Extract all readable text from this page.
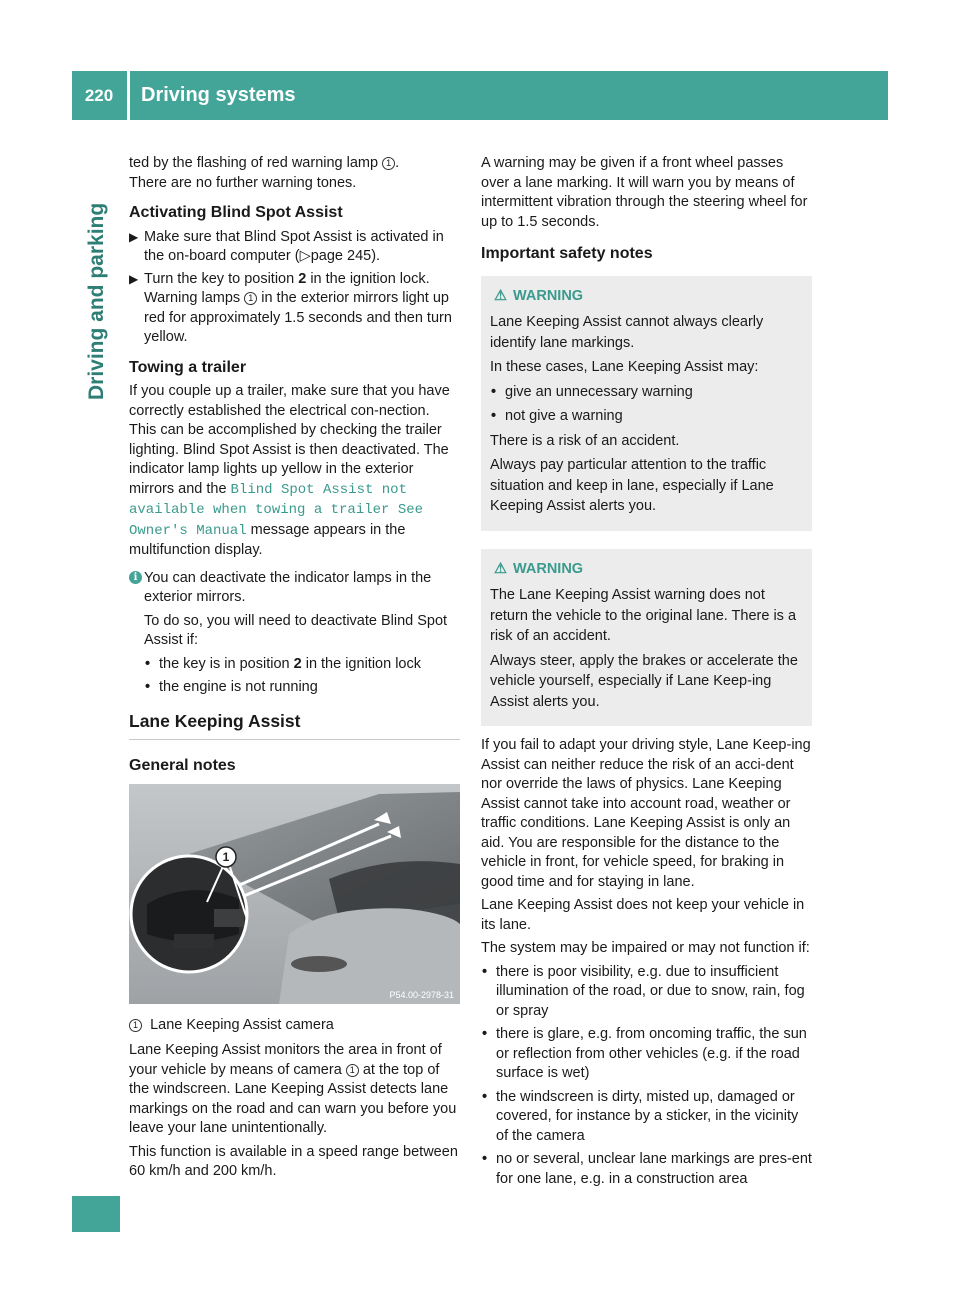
220	Driving systems
Driving and parking

ted by the flashing of red warning lamp 1 .
There are no further warning tones.

Activating Blind Spot Assist
▶ Make sure that Blind Spot Assist is activated in the on-board computer (▷page 245).
▶ Turn the key to position 2 in the ignition lock. Warning lamps 1 in the exterior mirrors light up red for approximately 1.5 seconds and then turn yellow.
Towing a trailer

If you couple up a trailer, make sure that you have correctly established the electrical con-nection. This can be accomplished by checking the trailer lighting. Blind Spot Assist is then deactivated. The indicator lamp lights up yellow in the exterior mirrors and the Blind Spot Assist not available when towing a trailer See Owner's Manual message appears in the multifunction display.

i You can deactivate the indicator lamps in the exterior mirrors.

To do so, you will need to deactivate Blind Spot Assist if:

• the key is in position 2 in the ignition lock
• the engine is not running
Lane Keeping Assist
General notes
1
P54.00-2978-31

1 Lane Keeping Assist camera

Lane Keeping Assist monitors the area in front of your vehicle by means of camera 1 at the top of the windscreen. Lane Keeping Assist detects lane markings on the road and can warn you before you leave your lane unintentionally.

This function is available in a speed range between 60 km/h and 200 km/h.

A warning may be given if a front wheel passes over a lane marking. It will warn you by means of intermittent vibration through the steering wheel for up to 1.5 seconds.

Important safety notes
⚠ WARNING

Lane Keeping Assist cannot always clearly identify lane markings.

In these cases, Lane Keeping Assist may:

• give an unnecessary warning
• not give a warning

There is a risk of an accident.

Always pay particular attention to the traffic situation and keep in lane, especially if Lane Keeping Assist alerts you.

⚠ WARNING

The Lane Keeping Assist warning does not return the vehicle to the original lane. There is a risk of an accident.

Always steer, apply the brakes or accelerate the vehicle yourself, especially if Lane Keep-ing Assist alerts you.

If you fail to adapt your driving style, Lane Keep-ing Assist can neither reduce the risk of an acci-dent nor override the laws of physics. Lane Keeping Assist cannot take into account road, weather or traffic conditions. Lane Keeping Assist is only an aid. You are responsible for the distance to the vehicle in front, for vehicle speed, for braking in good time and for staying in lane.

Lane Keeping Assist does not keep your vehicle in its lane.

The system may be impaired or may not function if:

• there is poor visibility, e.g. due to insufficient illumination of the road, or due to snow, rain, fog or spray
• there is glare, e.g. from oncoming traffic, the sun or reflection from other vehicles (e.g. if the road surface is wet)
• the windscreen is dirty, misted up, damaged or covered, for instance by a sticker, in the vicinity of the camera
• no or several, unclear lane markings are pres-ent for one lane, e.g. in a construction area
